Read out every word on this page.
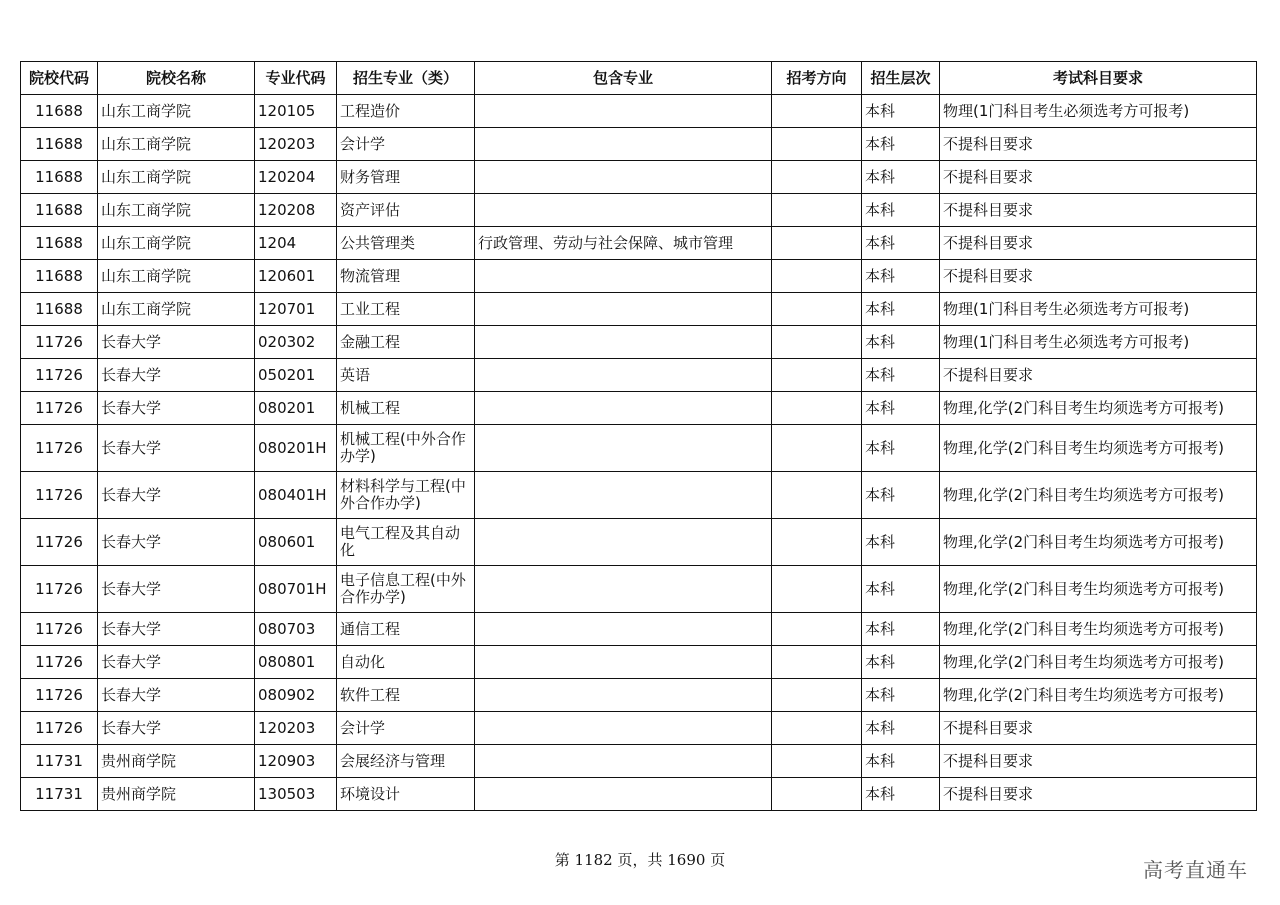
院校代码	院校名称	专业代码	招生专业（类）	包含专业	招考方向	招生层次	考试科目要求
11688	山东工商学院	120105	工程造价			本科	物理(1门科目考生必须选考方可报考)
11688	山东工商学院	120203	会计学			本科	不提科目要求
11688	山东工商学院	120204	财务管理			本科	不提科目要求
11688	山东工商学院	120208	资产评估			本科	不提科目要求
11688	山东工商学院	1204	公共管理类	行政管理、劳动与社会保障、城市管理		本科	不提科目要求
11688	山东工商学院	120601	物流管理			本科	不提科目要求
11688	山东工商学院	120701	工业工程			本科	物理(1门科目考生必须选考方可报考)
11726	长春大学	020302	金融工程			本科	物理(1门科目考生必须选考方可报考)
11726	长春大学	050201	英语			本科	不提科目要求
11726	长春大学	080201	机械工程			本科	物理,化学(2门科目考生均须选考方可报考)
11726	长春大学	080201H	机械工程(中外合作办学)			本科	物理,化学(2门科目考生均须选考方可报考)
11726	长春大学	080401H	材料科学与工程(中外合作办学)			本科	物理,化学(2门科目考生均须选考方可报考)
11726	长春大学	080601	电气工程及其自动化			本科	物理,化学(2门科目考生均须选考方可报考)
11726	长春大学	080701H	电子信息工程(中外合作办学)			本科	物理,化学(2门科目考生均须选考方可报考)
11726	长春大学	080703	通信工程			本科	物理,化学(2门科目考生均须选考方可报考)
11726	长春大学	080801	自动化			本科	物理,化学(2门科目考生均须选考方可报考)
11726	长春大学	080902	软件工程			本科	物理,化学(2门科目考生均须选考方可报考)
11726	长春大学	120203	会计学			本科	不提科目要求
11731	贵州商学院	120903	会展经济与管理			本科	不提科目要求
11731	贵州商学院	130503	环境设计			本科	不提科目要求
第 1182 页，共 1690 页	高考直通车
